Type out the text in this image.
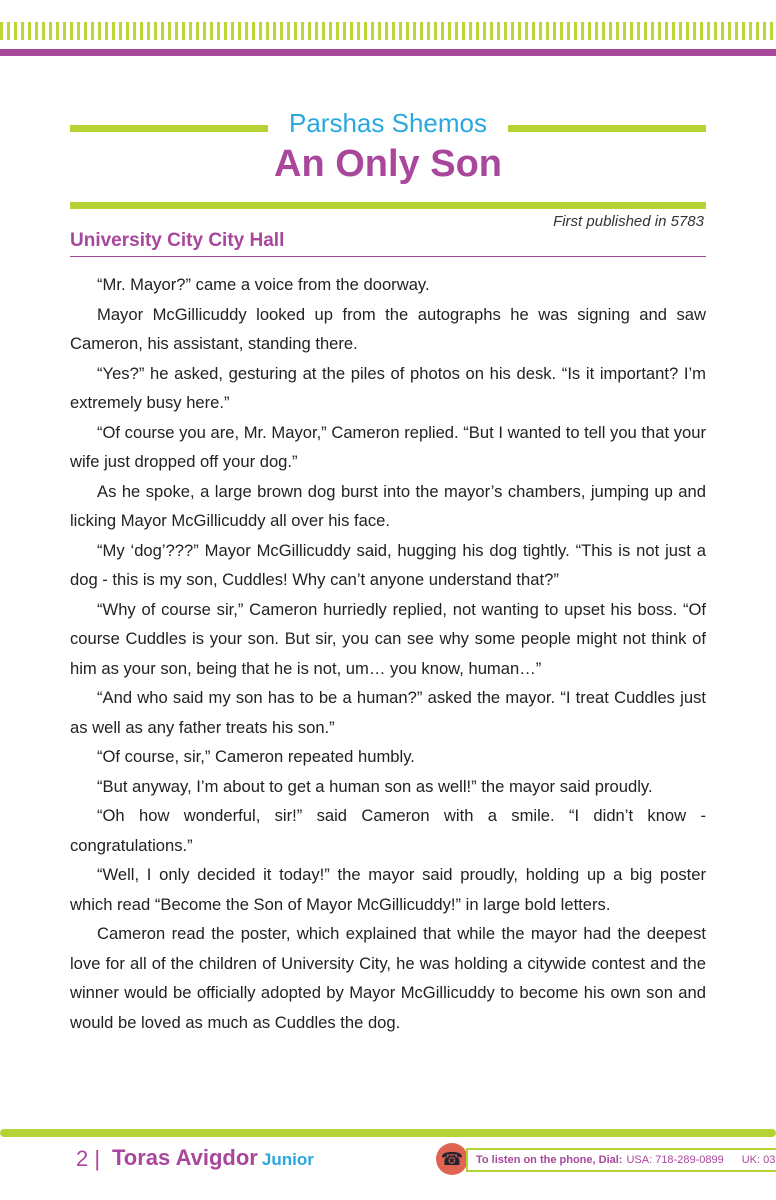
Parshas Shemos
An Only Son
First published in 5783
University City City Hall

“Mr. Mayor?” came a voice from the doorway.

Mayor McGillicuddy looked up from the autographs he was signing and saw Cameron, his assistant, standing there.

“Yes?” he asked, gesturing at the piles of photos on his desk. “Is it important? I’m extremely busy here.”

“Of course you are, Mr. Mayor,” Cameron replied. “But I wanted to tell you that your wife just dropped off your dog.”

As he spoke, a large brown dog burst into the mayor’s chambers, jumping up and licking Mayor McGillicuddy all over his face.

“My ‘dog’???” Mayor McGillicuddy said, hugging his dog tightly. “This is not just a dog - this is my son, Cuddles! Why can’t anyone understand that?”

“Why of course sir,” Cameron hurriedly replied, not wanting to upset his boss. “Of course Cuddles is your son. But sir, you can see why some people might not think of him as your son, being that he is not, um… you know, human…”

“And who said my son has to be a human?” asked the mayor. “I treat Cuddles just as well as any father treats his son.”

“Of course, sir,” Cameron repeated humbly.

“But anyway, I’m about to get a human son as well!” the mayor said proudly.

“Oh how wonderful, sir!” said Cameron with a smile. “I didn’t know - congratulations.”

“Well, I only decided it today!” the mayor said proudly, holding up a big poster which read “Become the Son of Mayor McGillicuddy!” in large bold letters.

Cameron read the poster, which explained that while the mayor had the deepest love for all of the children of University City, he was holding a citywide contest and the winner would be officially adopted by Mayor McGillicuddy to become his own son and would be loved as much as Cuddles the dog.

2 | Toras Avigdor Junior	☎	To listen on the phone, Dial: USA: 718-289-0899 UK: 03
